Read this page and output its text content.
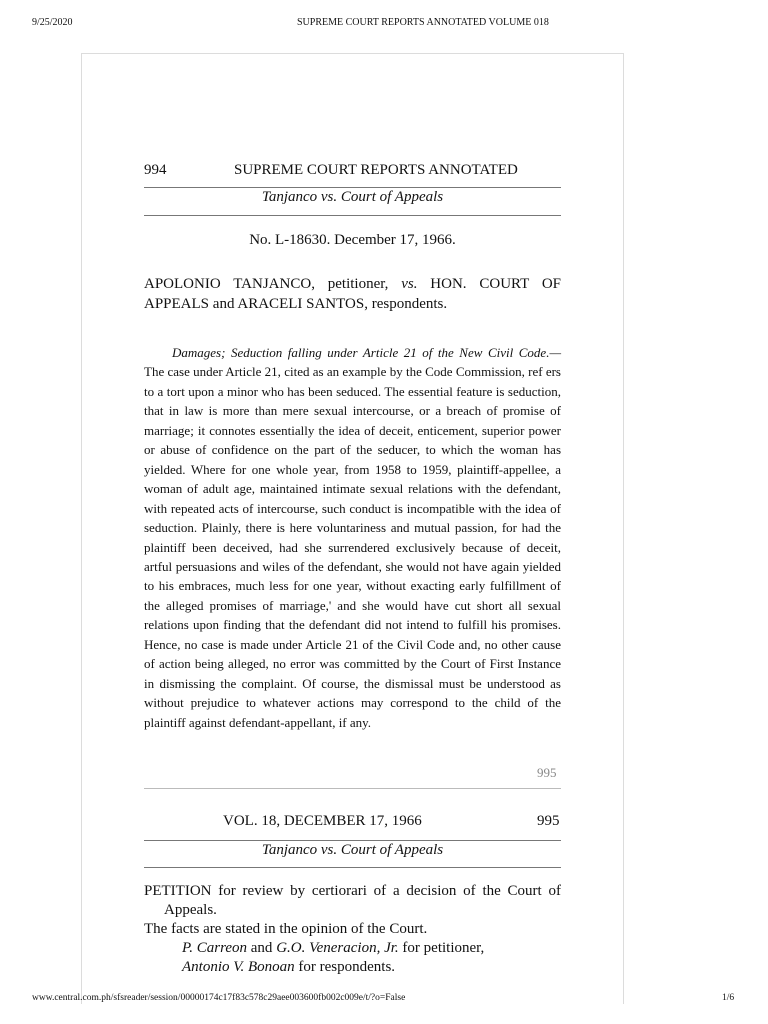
9/25/2020	SUPREME COURT REPORTS ANNOTATED VOLUME 018
994	SUPREME COURT REPORTS ANNOTATED
Tanjanco vs. Court of Appeals
No. L-18630. December 17, 1966.
APOLONIO TANJANCO, petitioner, vs. HON. COURT OF APPEALS and ARACELI SANTOS, respondents.
Damages; Seduction falling under Article 21 of the New Civil Code.— The case under Article 21, cited as an example by the Code Commission, ref ers to a tort upon a minor who has been seduced. The essential feature is seduction, that in law is more than mere sexual intercourse, or a breach of promise of marriage; it connotes essentially the idea of deceit, enticement, superior power or abuse of confidence on the part of the seducer, to which the woman has yielded. Where for one whole year, from 1958 to 1959, plaintiff-appellee, a woman of adult age, maintained intimate sexual relations with the defendant, with repeated acts of intercourse, such conduct is incompatible with the idea of seduction. Plainly, there is here voluntariness and mutual passion, for had the plaintiff been deceived, had she surrendered exclusively because of deceit, artful persuasions and wiles of the defendant, she would not have again yielded to his embraces, much less for one year, without exacting early fulfillment of the alleged promises of marriage,' and she would have cut short all sexual relations upon finding that the defendant did not intend to fulfill his promises. Hence, no case is made under Article 21 of the Civil Code and, no other cause of action being alleged, no error was committed by the Court of First Instance in dismissing the complaint. Of course, the dismissal must be understood as without prejudice to whatever actions may correspond to the child of the plaintiff against defendant-appellant, if any.
995
VOL. 18, DECEMBER 17, 1966	995
Tanjanco vs. Court of Appeals
PETITION for review by certiorari of a decision of the Court of Appeals.
The facts are stated in the opinion of the Court.
P. Carreon and G.O. Veneracion, Jr. for petitioner,
Antonio V. Bonoan for respondents.
www.central.com.ph/sfsreader/session/00000174c17f83c578c29aee003600fb002c009e/t/?o=False	1/6
